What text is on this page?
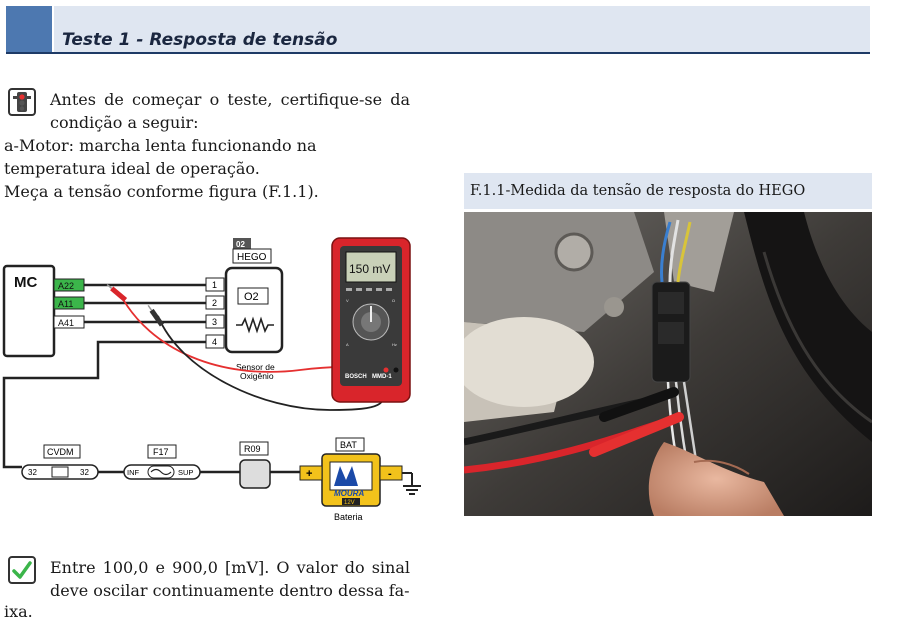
Teste 1 - Resposta de tensão
Antes de começar o teste, certifique-se da condição a seguir:
a-Motor: marcha lenta funcionando na temperatura ideal de operação.
Meça a tensão conforme figura (F.1.1).
MC A22
A11
A41
1
2
3
4
02
HEGO
O2
Sensor de
Oxigênio
150 mV
V	Ω
A	Hz
BOSCH MMD-1
CVDM
32	32
F17
INF	SUP
R09	BAT
MOURA
12V
Bateria
+	-
Entre 100,0 e 900,0 [mV]. O valor do sinal deve oscilar continuamente dentro dessa fa-
ixa.
F.1.1-Medida da tensão de resposta do HEGO
